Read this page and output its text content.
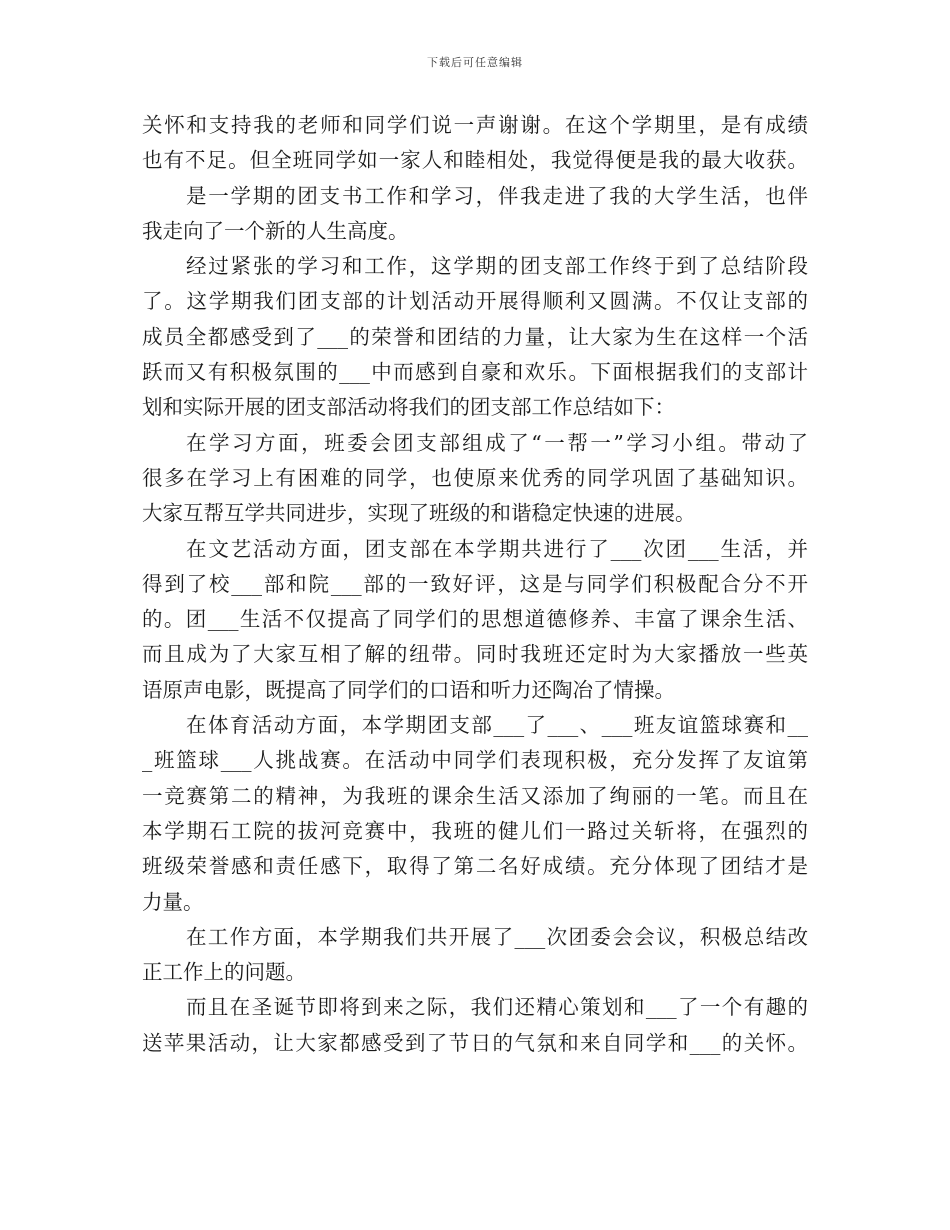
下载后可任意编辑
关怀和支持我的老师和同学们说一声谢谢。在这个学期里，是有成绩
也有不足。但全班同学如一家人和睦相处，我觉得便是我的最大收获。
是一学期的团支书工作和学习，伴我走进了我的大学生活，也伴
我走向了一个新的人生高度。
经过紧张的学习和工作，这学期的团支部工作终于到了总结阶段
了。这学期我们团支部的计划活动开展得顺利又圆满。不仅让支部的
成员全都感受到了___的荣誉和团结的力量，让大家为生在这样一个活
跃而又有积极氛围的___中而感到自豪和欢乐。下面根据我们的支部计
划和实际开展的团支部活动将我们的团支部工作总结如下：
在学习方面，班委会团支部组成了“一帮一”学习小组。带动了
很多在学习上有困难的同学，也使原来优秀的同学巩固了基础知识。
大家互帮互学共同进步，实现了班级的和谐稳定快速的进展。
在文艺活动方面，团支部在本学期共进行了___次团___生活，并
得到了校___部和院___部的一致好评，这是与同学们积极配合分不开
的。团___生活不仅提高了同学们的思想道德修养、丰富了课余生活、
而且成为了大家互相了解的纽带。同时我班还定时为大家播放一些英
语原声电影，既提高了同学们的口语和听力还陶冶了情操。
在体育活动方面，本学期团支部___了___、___班友谊篮球赛和__
_班篮球___人挑战赛。在活动中同学们表现积极，充分发挥了友谊第
一竞赛第二的精神，为我班的课余生活又添加了绚丽的一笔。而且在
本学期石工院的拔河竞赛中，我班的健儿们一路过关斩将，在强烈的
班级荣誉感和责任感下，取得了第二名好成绩。充分体现了团结才是
力量。
在工作方面，本学期我们共开展了___次团委会会议，积极总结改
正工作上的问题。
而且在圣诞节即将到来之际，我们还精心策划和___了一个有趣的
送苹果活动，让大家都感受到了节日的气氛和来自同学和___的关怀。
